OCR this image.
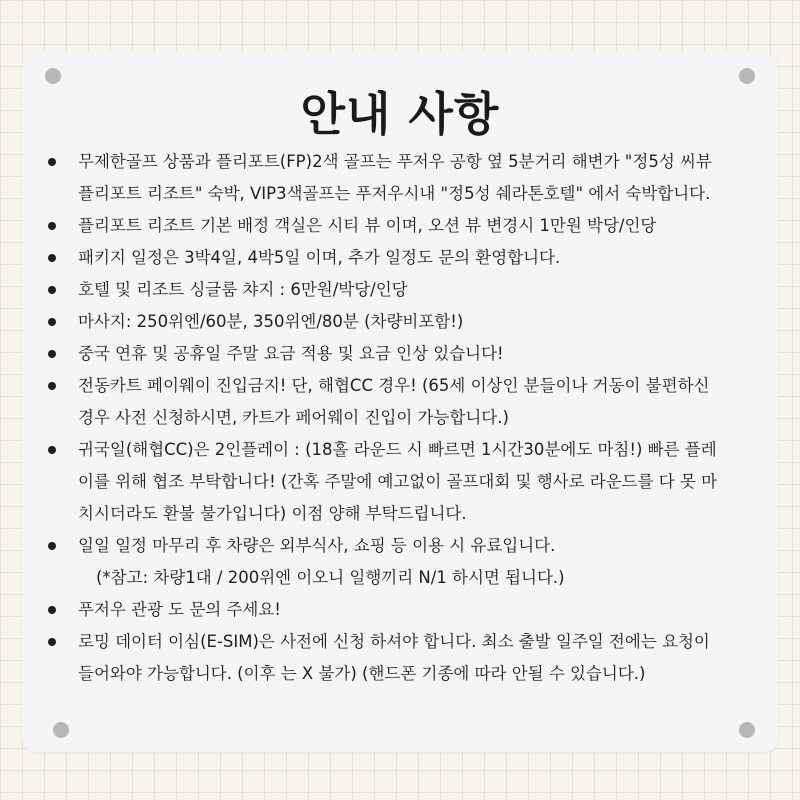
안내 사항
무제한골프 상품과 플리포트(FP)2색 골프는 푸저우 공항 옆 5분거리 해변가 "정5성 씨뷰
플리포트 리조트" 숙박, VIP3색골프는 푸저우시내 "정5성 쉐라톤호텔" 에서 숙박합니다.
플리포트 리조트 기본 배정 객실은 시티 뷰 이며, 오션 뷰 변경시 1만원 박당/인당
패키지 일정은 3박4일, 4박5일 이며, 추가 일정도 문의 환영합니다.
호텔 및 리조트 싱글룸 챠지 : 6만원/박당/인당
마사지: 250위엔/60분, 350위엔/80분 (차량비포함!)
중국 연휴 및 공휴일 주말 요금 적용 및 요금 인상 있습니다!
전동카트 페이웨이 진입금지! 단, 해협CC 경우! (65세 이상인 분들이나 거동이 불편하신
경우 사전 신청하시면, 카트가 페어웨이 진입이 가능합니다.)
귀국일(해협CC)은 2인플레이 : (18홀 라운드 시 빠르면 1시간30분에도 마침!) 빠른 플레
이를 위해 협조 부탁합니다! (간혹 주말에 예고없이 골프대회 및 행사로 라운드를 다 못 마
치시더라도 환불 불가입니다) 이점 양해 부탁드립니다.
일일 일정 마무리 후 차량은 외부식사, 쇼핑 등 이용 시 유료입니다.
(*참고: 차량1대 / 200위엔 이오니 일행끼리 N/1 하시면 됩니다.)
푸저우 관광 도 문의 주세요!
로밍 데이터 이심(E-SIM)은 사전에 신청 하셔야 합니다. 최소 출발 일주일 전에는 요청이
들어와야 가능합니다. (이후 는 X 불가) (핸드폰 기종에 따라 안될 수 있습니다.)
